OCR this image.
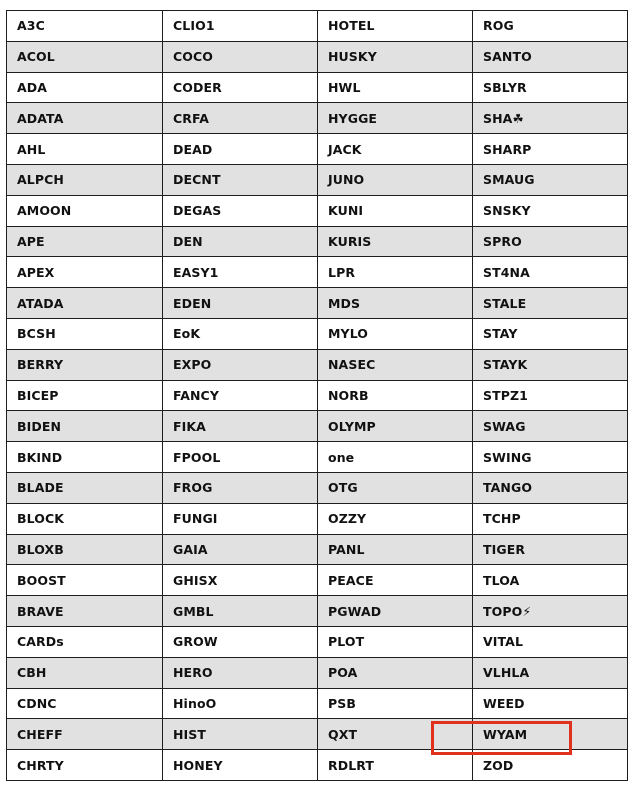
A3C	CLIO1	HOTEL	ROG
ACOL	COCO	HUSKY	SANTO
ADA	CODER	HWL	SBLYR
ADATA	CRFA	HYGGE	SHA☘
AHL	DEAD	JACK	SHARP
ALPCH	DECNT	JUNO	SMAUG
AMOON	DEGAS	KUNI	SNSKY
APE	DEN	KURIS	SPRO
APEX	EASY1	LPR	ST4NA
ATADA	EDEN	MDS	STALE
BCSH	EoK	MYLO	STAY
BERRY	EXPO	NASEC	STAYK
BICEP	FANCY	NORB	STPZ1
BIDEN	FIKA	OLYMP	SWAG
BKIND	FPOOL	one	SWING
BLADE	FROG	OTG	TANGO
BLOCK	FUNGI	OZZY	TCHP
BLOXB	GAIA	PANL	TIGER
BOOST	GHISX	PEACE	TLOA
BRAVE	GMBL	PGWAD	TOPO⚡
CARDs	GROW	PLOT	VITAL
CBH	HERO	POA	VLHLA
CDNC	HinoO	PSB	WEED
CHEFF	HIST	QXT	WYAM
CHRTY	HONEY	RDLRT	ZOD
